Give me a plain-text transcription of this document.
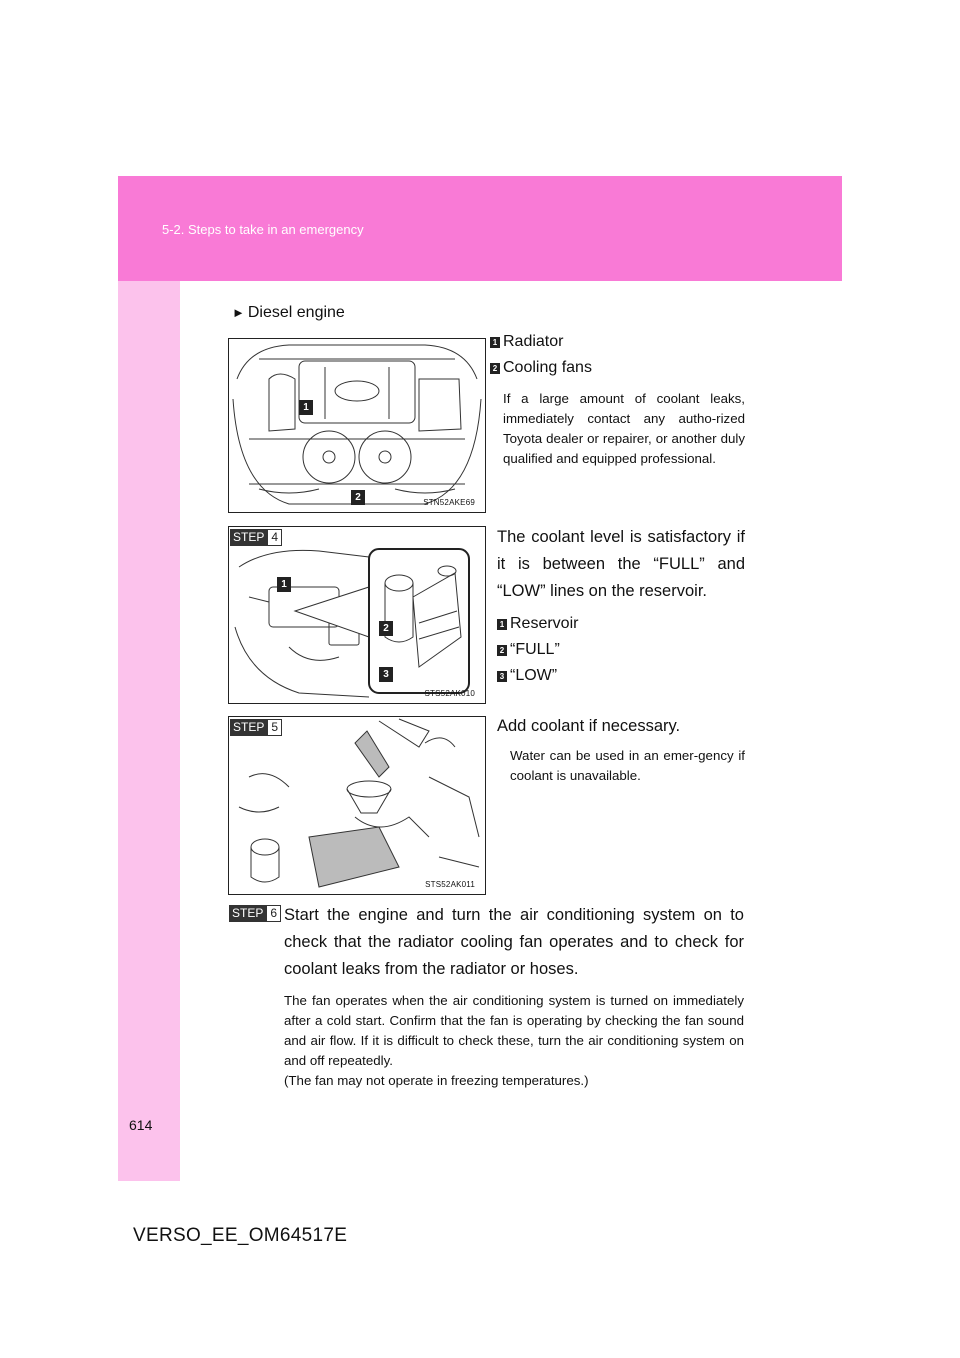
5-2. Steps to take in an emergency
► Diesel engine
1
2	STN52AKE69
1 Radiator
2 Cooling fans
If a large amount of coolant leaks, immediately contact any autho-rized Toyota dealer or repairer, or another duly qualified and equipped professional.
STEP 4
1
2
3
STS52AK010
The coolant level is satisfactory if it is between the “FULL” and “LOW” lines on the reservoir.
1 Reservoir
2 “FULL”
3 “LOW”
STEP 5
STS52AK011
Add coolant if necessary.
Water can be used in an emer-gency if coolant is unavailable.
STEP 6 Start the engine and turn the air conditioning system on to check that the radiator cooling fan operates and to check for coolant leaks from the radiator or hoses.
The fan operates when the air conditioning system is turned on immediately after a cold start. Confirm that the fan is operating by checking the fan sound and air flow. If it is difficult to check these, turn the air conditioning system on and off repeatedly.
(The fan may not operate in freezing temperatures.)
614
VERSO_EE_OM64517E
